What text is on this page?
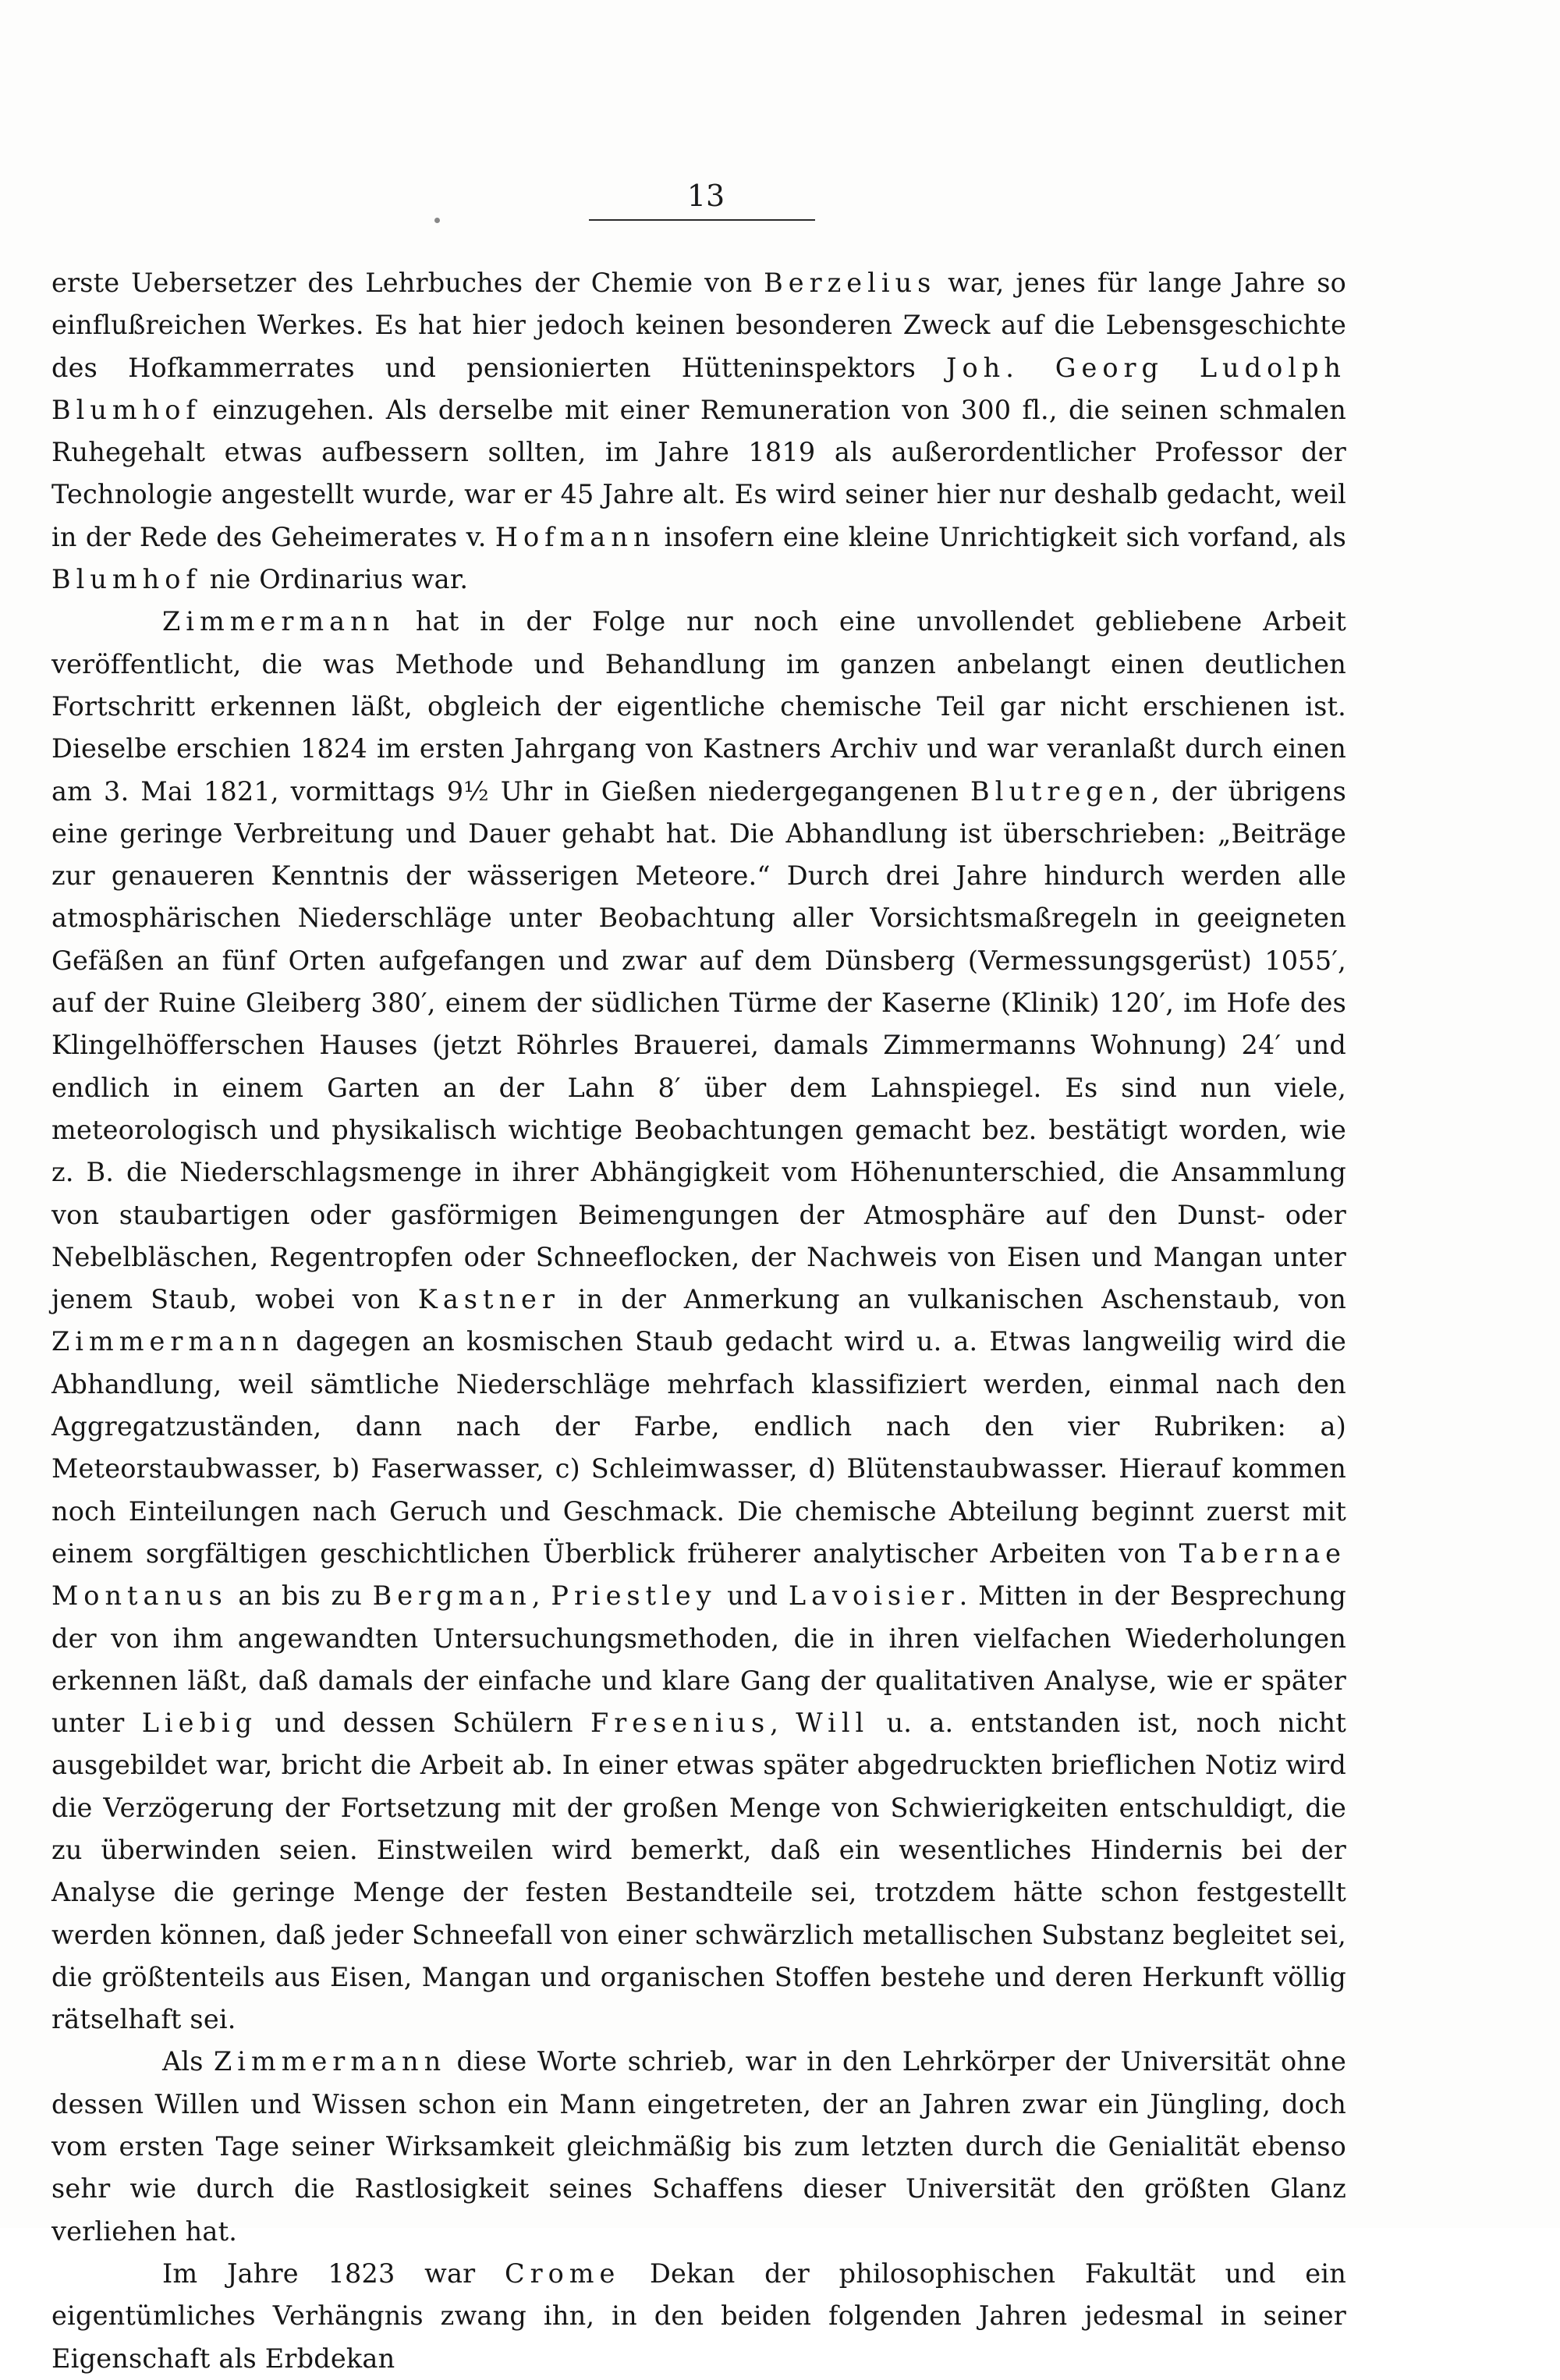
13

erste Uebersetzer des Lehrbuches der Chemie von Berzelius war, jenes für lange Jahre so einflußreichen Werkes. Es hat hier jedoch keinen besonderen Zweck auf die Lebensgeschichte des Hofkammerrates und pensionierten Hütteninspektors Joh. Georg Ludolph Blumhof einzugehen. Als derselbe mit einer Remuneration von 300 fl., die seinen schmalen Ruhegehalt etwas aufbessern sollten, im Jahre 1819 als außerordentlicher Professor der Technologie angestellt wurde, war er 45 Jahre alt. Es wird seiner hier nur deshalb gedacht, weil in der Rede des Geheimerates v. Hofmann insofern eine kleine Unrichtigkeit sich vorfand, als Blumhof nie Ordinarius war.

Zimmermann hat in der Folge nur noch eine unvollendet gebliebene Arbeit veröffentlicht, die was Methode und Behandlung im ganzen anbelangt einen deutlichen Fortschritt erkennen läßt, obgleich der eigentliche chemische Teil gar nicht erschienen ist. Dieselbe erschien 1824 im ersten Jahrgang von Kastners Archiv und war veranlaßt durch einen am 3. Mai 1821, vormittags 9½ Uhr in Gießen niedergegangenen Blutregen, der übrigens eine geringe Verbreitung und Dauer gehabt hat. Die Abhandlung ist überschrieben: „Beiträge zur genaueren Kenntnis der wässerigen Meteore.“ Durch drei Jahre hindurch werden alle atmosphärischen Niederschläge unter Beobachtung aller Vorsichtsmaßregeln in geeigneten Gefäßen an fünf Orten aufgefangen und zwar auf dem Dünsberg (Vermessungsgerüst) 1055′, auf der Ruine Gleiberg 380′, einem der südlichen Türme der Kaserne (Klinik) 120′, im Hofe des Klingelhöfferschen Hauses (jetzt Röhrles Brauerei, damals Zimmermanns Wohnung) 24′ und endlich in einem Garten an der Lahn 8′ über dem Lahnspiegel. Es sind nun viele, meteorologisch und physikalisch wichtige Beobachtungen gemacht bez. bestätigt worden, wie z. B. die Niederschlagsmenge in ihrer Abhängigkeit vom Höhenunterschied, die Ansammlung von staubartigen oder gasförmigen Beimengungen der Atmosphäre auf den Dunst- oder Nebelbläschen, Regentropfen oder Schneeflocken, der Nachweis von Eisen und Mangan unter jenem Staub, wobei von Kastner in der Anmerkung an vulkanischen Aschenstaub, von Zimmermann dagegen an kosmischen Staub gedacht wird u. a. Etwas langweilig wird die Abhandlung, weil sämtliche Niederschläge mehrfach klassifiziert werden, einmal nach den Aggregatzuständen, dann nach der Farbe, endlich nach den vier Rubriken: a) Meteorstaubwasser, b) Faserwasser, c) Schleimwasser, d) Blütenstaubwasser. Hierauf kommen noch Einteilungen nach Geruch und Geschmack. Die chemische Abteilung beginnt zuerst mit einem sorgfältigen geschichtlichen Überblick früherer analytischer Arbeiten von Tabernae Montanus an bis zu Bergman, Priestley und Lavoisier. Mitten in der Besprechung der von ihm angewandten Untersuchungsmethoden, die in ihren vielfachen Wiederholungen erkennen läßt, daß damals der einfache und klare Gang der qualitativen Analyse, wie er später unter Liebig und dessen Schülern Fresenius, Will u. a. entstanden ist, noch nicht ausgebildet war, bricht die Arbeit ab. In einer etwas später abgedruckten brieflichen Notiz wird die Verzögerung der Fortsetzung mit der großen Menge von Schwierigkeiten entschuldigt, die zu überwinden seien. Einstweilen wird bemerkt, daß ein wesentliches Hindernis bei der Analyse die geringe Menge der festen Bestandteile sei, trotzdem hätte schon festgestellt werden können, daß jeder Schneefall von einer schwärzlich metallischen Substanz begleitet sei, die größtenteils aus Eisen, Mangan und organischen Stoffen bestehe und deren Herkunft völlig rätselhaft sei.

Als Zimmermann diese Worte schrieb, war in den Lehrkörper der Universität ohne dessen Willen und Wissen schon ein Mann eingetreten, der an Jahren zwar ein Jüngling, doch vom ersten Tage seiner Wirksamkeit gleichmäßig bis zum letzten durch die Genialität ebenso sehr wie durch die Rastlosigkeit seines Schaffens dieser Universität den größten Glanz verliehen hat.

Im Jahre 1823 war Crome Dekan der philosophischen Fakultät und ein eigentümliches Verhängnis zwang ihn, in den beiden folgenden Jahren jedesmal in seiner Eigenschaft als Erbdekan
